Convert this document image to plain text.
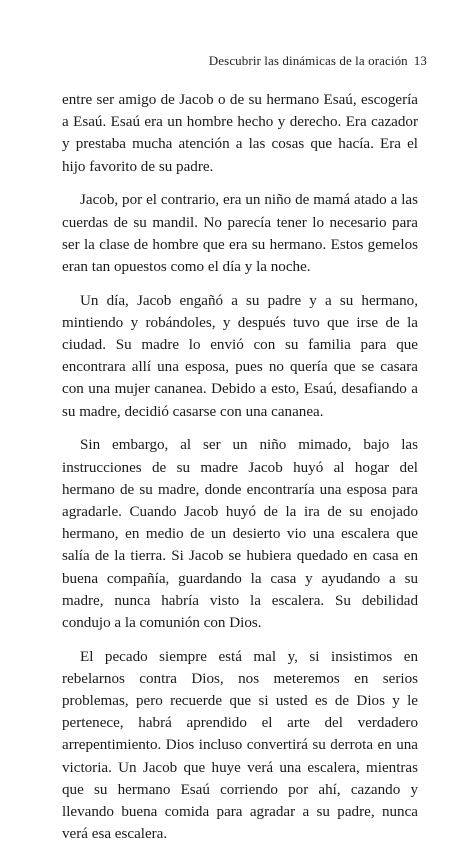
Descubrir las dinámicas de la oración 13

entre ser amigo de Jacob o de su hermano Esaú, escogería a Esaú. Esaú era un hombre hecho y derecho. Era cazador y prestaba mucha atención a las cosas que hacía. Era el hijo favorito de su padre.

Jacob, por el contrario, era un niño de mamá atado a las cuerdas de su mandil. No parecía tener lo necesario para ser la clase de hombre que era su hermano. Estos gemelos eran tan opuestos como el día y la noche.

Un día, Jacob engañó a su padre y a su hermano, mintiendo y robándoles, y después tuvo que irse de la ciudad. Su madre lo envió con su familia para que encontrara allí una esposa, pues no quería que se casara con una mujer cananea. Debido a esto, Esaú, desafiando a su madre, decidió casarse con una cananea.

Sin embargo, al ser un niño mimado, bajo las instrucciones de su madre Jacob huyó al hogar del hermano de su madre, donde encontraría una esposa para agradarle. Cuando Jacob huyó de la ira de su enojado hermano, en medio de un desierto vio una escalera que salía de la tierra. Si Jacob se hubiera quedado en casa en buena compañía, guardando la casa y ayudando a su madre, nunca habría visto la escalera. Su debilidad condujo a la comunión con Dios.

El pecado siempre está mal y, si insistimos en rebelarnos contra Dios, nos meteremos en serios problemas, pero recuerde que si usted es de Dios y le pertenece, habrá aprendido el arte del verdadero arrepentimiento. Dios incluso convertirá su derrota en una victoria. Un Jacob que huye verá una escalera, mientras que su hermano Esaú corriendo por ahí, cazando y llevando buena comida para agradar a su padre, nunca verá esa escalera.
